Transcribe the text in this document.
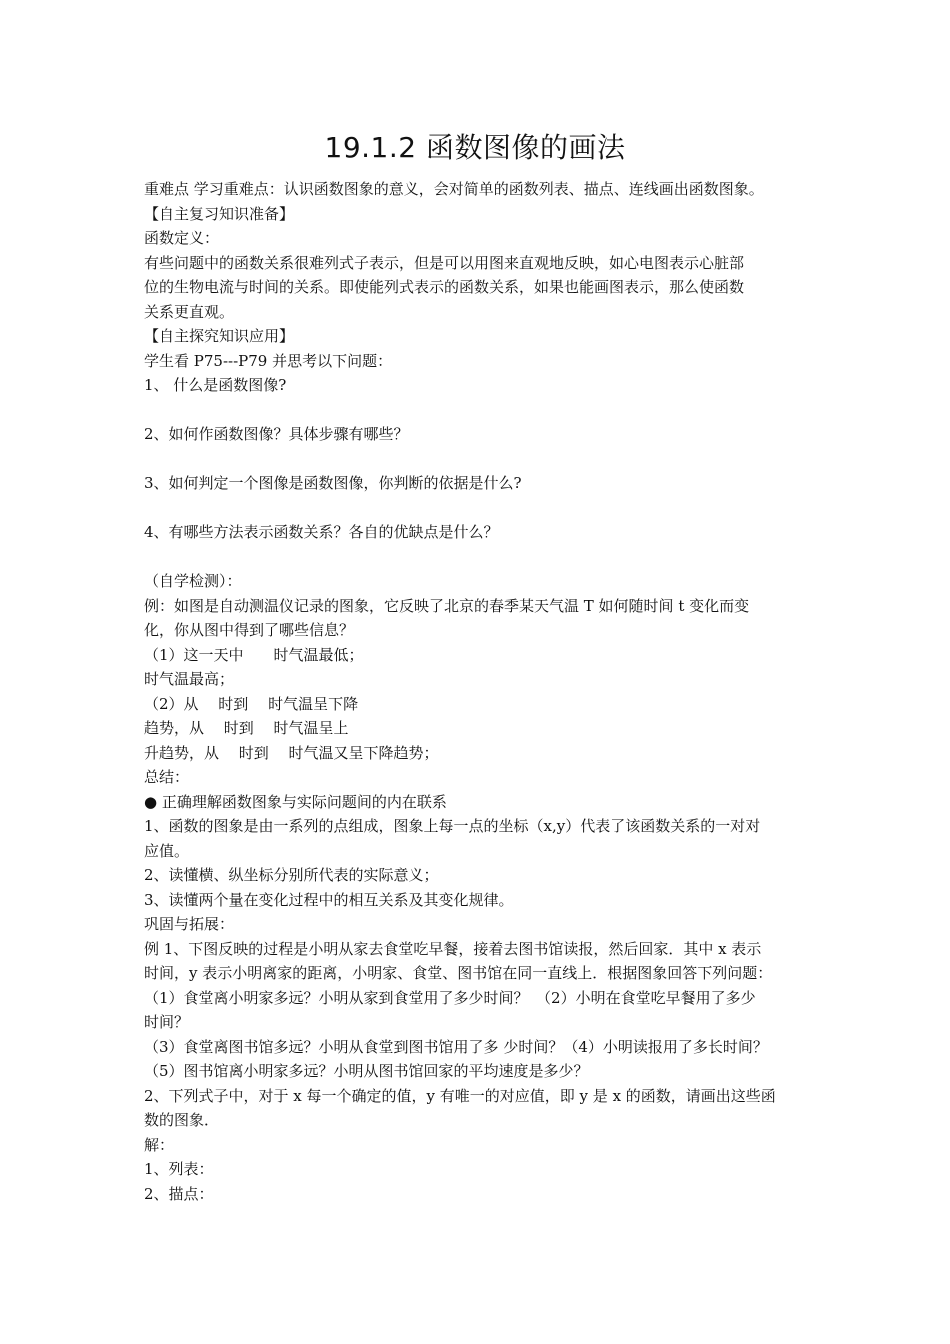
19.1.2 函数图像的画法
重难点 学习重难点：认识函数图象的意义，会对简单的函数列表、描点、连线画出函数图象。
【自主复习知识准备】
函数定义：
有些问题中的函数关系很难列式子表示，但是可以用图来直观地反映，如心电图表示心脏部
位的生物电流与时间的关系。即使能列式表示的函数关系，如果也能画图表示，那么使函数
关系更直观。
【自主探究知识应用】
学生看 P75---P79 并思考以下问题：
1、 什么是函数图像?
2、如何作函数图像？具体步骤有哪些？
3、如何判定一个图像是函数图像，你判断的依据是什么?
4、有哪些方法表示函数关系？各自的优缺点是什么？
（自学检测）：
例：如图是自动测温仪记录的图象，它反映了北京的春季某天气温 T 如何随时间 t 变化而变
化，你从图中得到了哪些信息？
（1）这一天中　　时气温最低；
时气温最高；
（2）从　 时到　 时气温呈下降
趋势，从　 时到　 时气温呈上
升趋势，从　 时到　 时气温又呈下降趋势；
总结：
● 正确理解函数图象与实际问题间的内在联系
1、函数的图象是由一系列的点组成，图象上每一点的坐标（x,y）代表了该函数关系的一对对
应值。
2、读懂横、纵坐标分别所代表的实际意义；
3、读懂两个量在变化过程中的相互关系及其变化规律。
巩固与拓展：
例 1、下图反映的过程是小明从家去食堂吃早餐，接着去图书馆读报，然后回家．其中 x 表示
时间，y 表示小明离家的距离，小明家、食堂、图书馆在同一直线上．根据图象回答下列问题：
（1）食堂离小明家多远？小明从家到食堂用了多少时间？　（2）小明在食堂吃早餐用了多少
时间？
（3）食堂离图书馆多远？小明从食堂到图书馆用了多 少时间？（4）小明读报用了多长时间？
（5）图书馆离小明家多远？小明从图书馆回家的平均速度是多少？
2、下列式子中，对于 x 每一个确定的值，y 有唯一的对应值，即 y 是 x 的函数，请画出这些函
数的图象．
解：
1、列表：
2、描点：
